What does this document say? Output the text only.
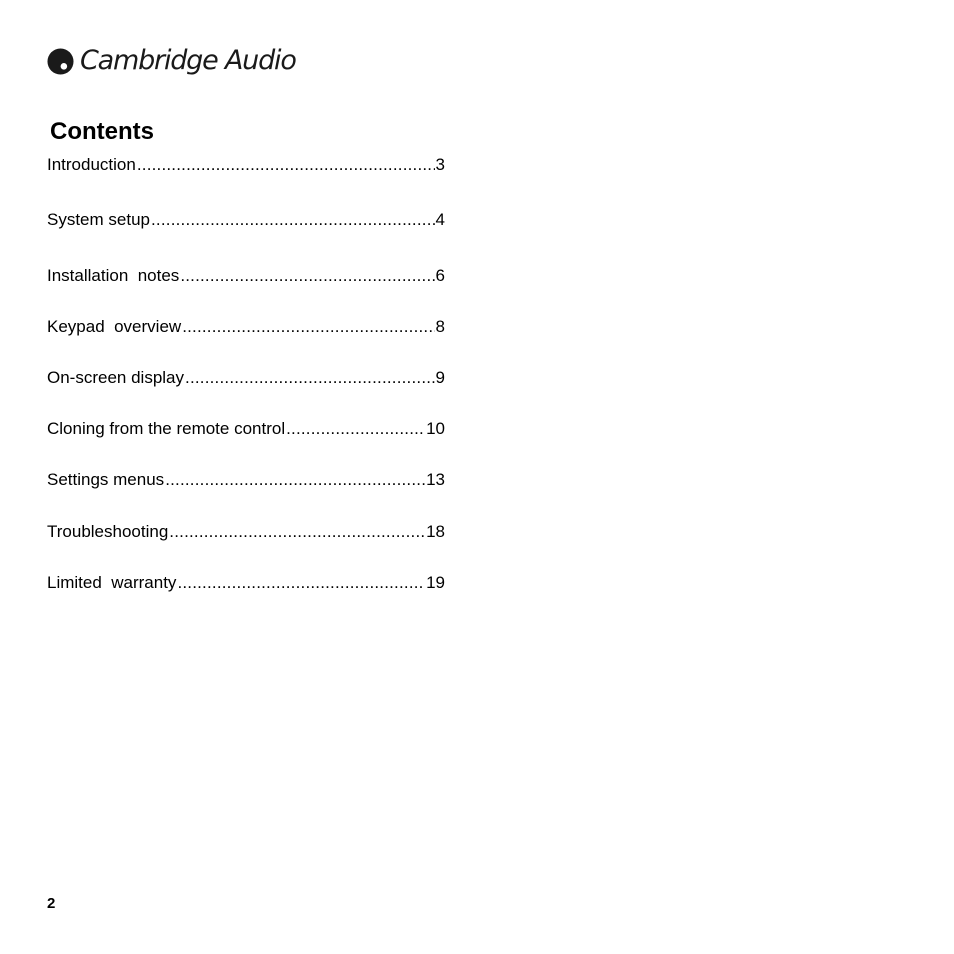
Cambridge Audio
Contents
Introduction .....	3
System setup .....	4
Installation  notes .....	6
Keypad  overview .....	8
On-screen display .....	9
Cloning from the remote control .....	10
Settings menus .....	13
Troubleshooting .....	18
Limited  warranty .....	19
2
